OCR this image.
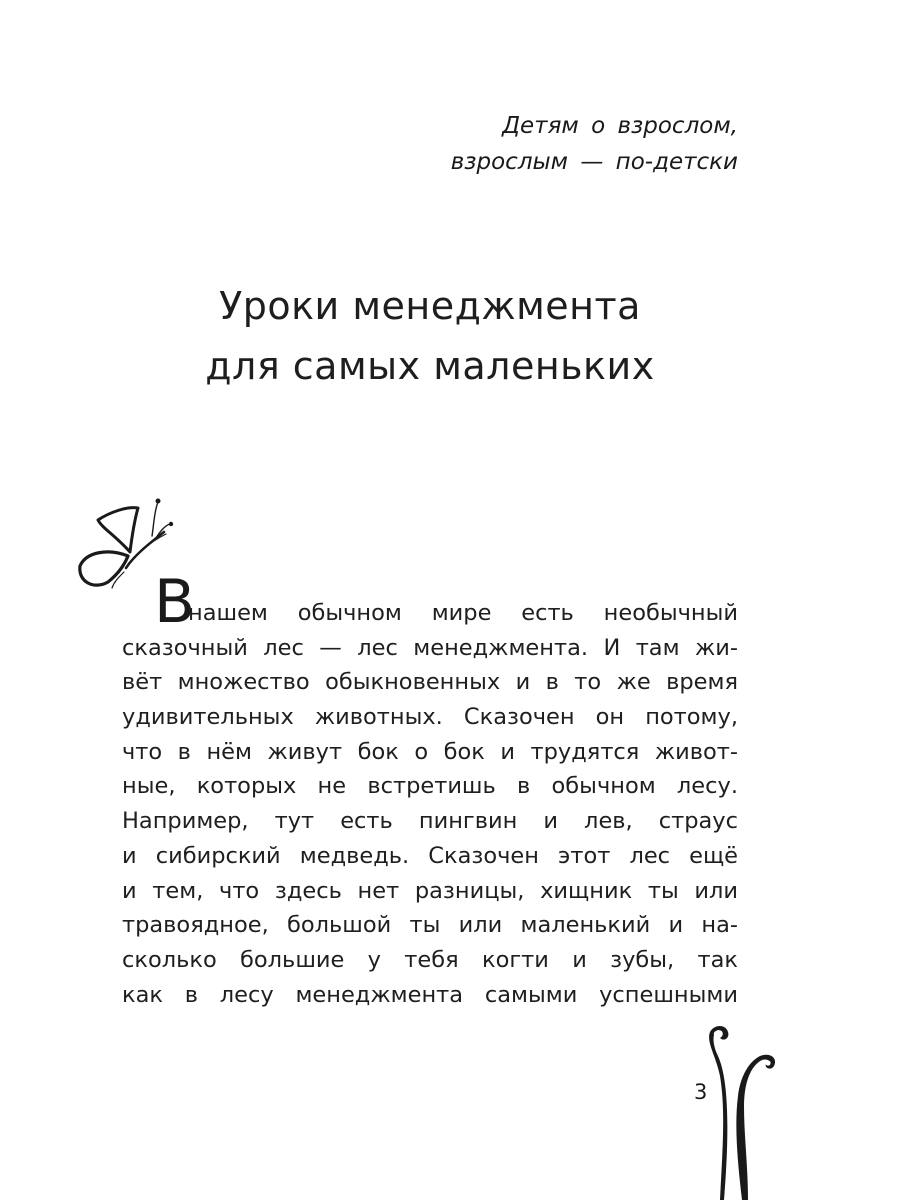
Детям о взрослом,
взрослым — по-детски
Уроки менеджмента
для самых маленьких
В
нашем обычном мире есть необычный
сказочный лес — лес менеджмента. И там жи-
вёт множество обыкновенных и в то же время
удивительных животных. Сказочен он потому,
что в нём живут бок о бок и трудятся живот-
ные, которых не встретишь в обычном лесу.
Например, тут есть пингвин и лев, страус
и сибирский медведь. Сказочен этот лес ещё
и тем, что здесь нет разницы, хищник ты или
травоядное, большой ты или маленький и на-
сколько большие у тебя когти и зубы, так
как в лесу менеджмента самыми успешными
3
